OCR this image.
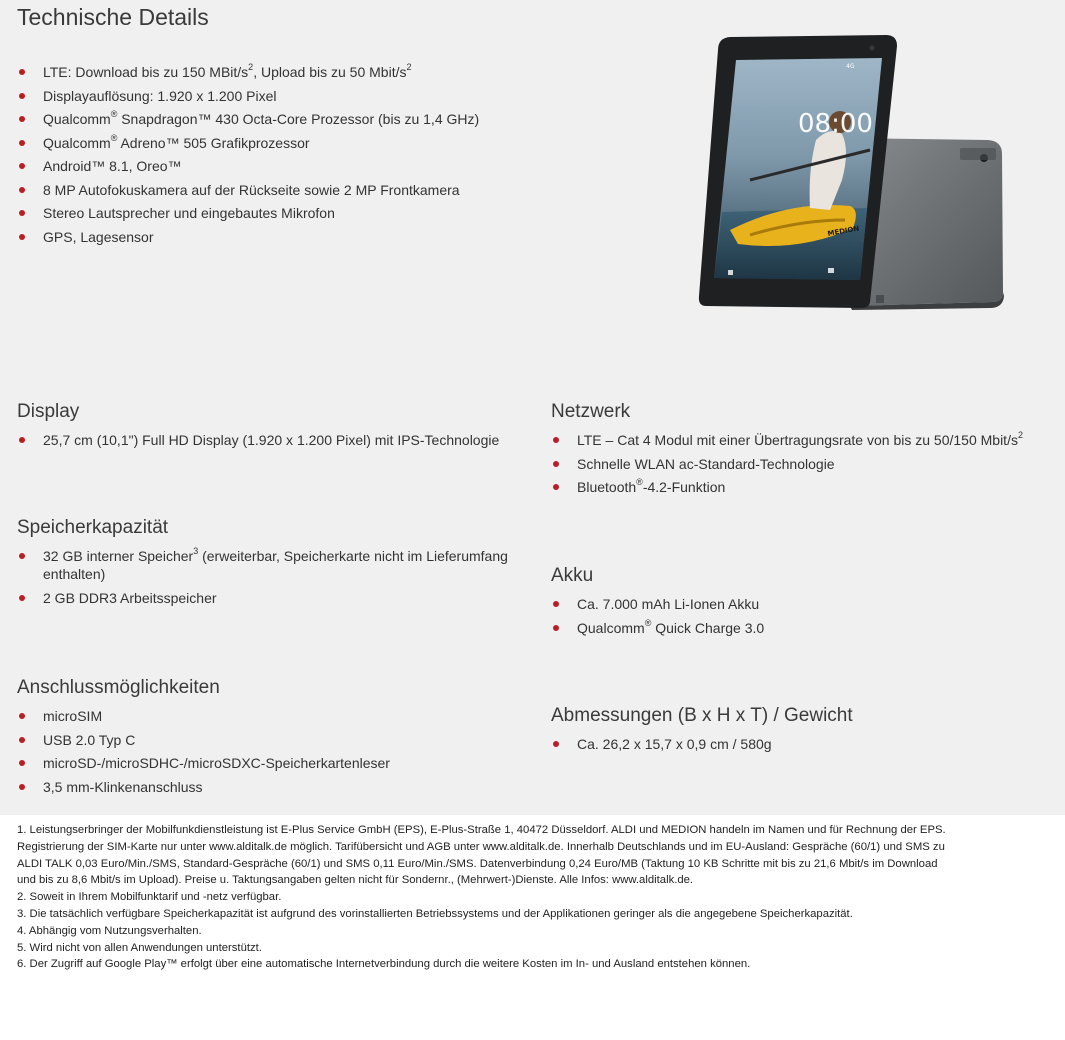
Technische Details
LTE: Download bis zu 150 MBit/$s^2$, Upload bis zu 50 Mbit/$s^2$
Displayauflösung: 1.920 x 1.200 Pixel
Qualcomm® Snapdragon™ 430 Octa-Core Prozessor (bis zu 1,4 GHz)
Qualcomm® Adreno™ 505 Grafikprozessor
Android™ 8.1, Oreo™
8 MP Autofokuskamera auf der Rückseite sowie 2 MP Frontkamera
Stereo Lautsprecher und eingebautes Mikrofon
GPS, Lagesensor
08:00
MEDION
4G
Display
25,7 cm (10,1") Full HD Display (1.920 x 1.200 Pixel) mit IPS-Technologie
Netzwerk
LTE – Cat 4 Modul mit einer Übertragungsrate von bis zu 50/150 Mbit/$s^2$
Schnelle WLAN ac-Standard-Technologie
Bluetooth®-4.2-Funktion
Speicherkapazität
32 GB interner Speicher$^3$ (erweiterbar, Speicherkarte nicht im Lieferumfang enthalten)
2 GB DDR3 Arbeitsspeicher
Akku
Ca. 7.000 mAh Li-Ionen Akku
Qualcomm® Quick Charge 3.0
Anschlussmöglichkeiten
microSIM
USB 2.0 Typ C
microSD-/microSDHC-/microSDXC-Speicherkartenleser
3,5 mm-Klinkenanschluss
Abmessungen (B x H x T) / Gewicht
Ca. 26,2 x 15,7 x 0,9 cm / 580g

1. Leistungserbringer der Mobilfunkdienstleistung ist E-Plus Service GmbH (EPS), E-Plus-Straße 1, 40472 Düsseldorf. ALDI und MEDION handeln im Namen und für Rechnung der EPS. Registrierung der SIM-Karte nur unter www.alditalk.de möglich. Tarifübersicht und AGB unter www.alditalk.de. Innerhalb Deutschlands und im EU-Ausland: Gespräche (60/1) und SMS zu ALDI TALK 0,03 Euro/Min./SMS, Standard-Gespräche (60/1) und SMS 0,11 Euro/Min./SMS. Datenverbindung 0,24 Euro/MB (Taktung 10 KB Schritte mit bis zu 21,6 Mbit/s im Download und bis zu 8,6 Mbit/s im Upload). Preise u. Taktungsangaben gelten nicht für Sondernr., (Mehrwert-)Dienste. Alle Infos: www.alditalk.de.

2. Soweit in Ihrem Mobilfunktarif und -netz verfügbar.

3. Die tatsächlich verfügbare Speicherkapazität ist aufgrund des vorinstallierten Betriebssystems und der Applikationen geringer als die angegebene Speicherkapazität.

4. Abhängig vom Nutzungsverhalten.

5. Wird nicht von allen Anwendungen unterstützt.

6. Der Zugriff auf Google Play™ erfolgt über eine automatische Internetverbindung durch die weitere Kosten im In- und Ausland entstehen können.
